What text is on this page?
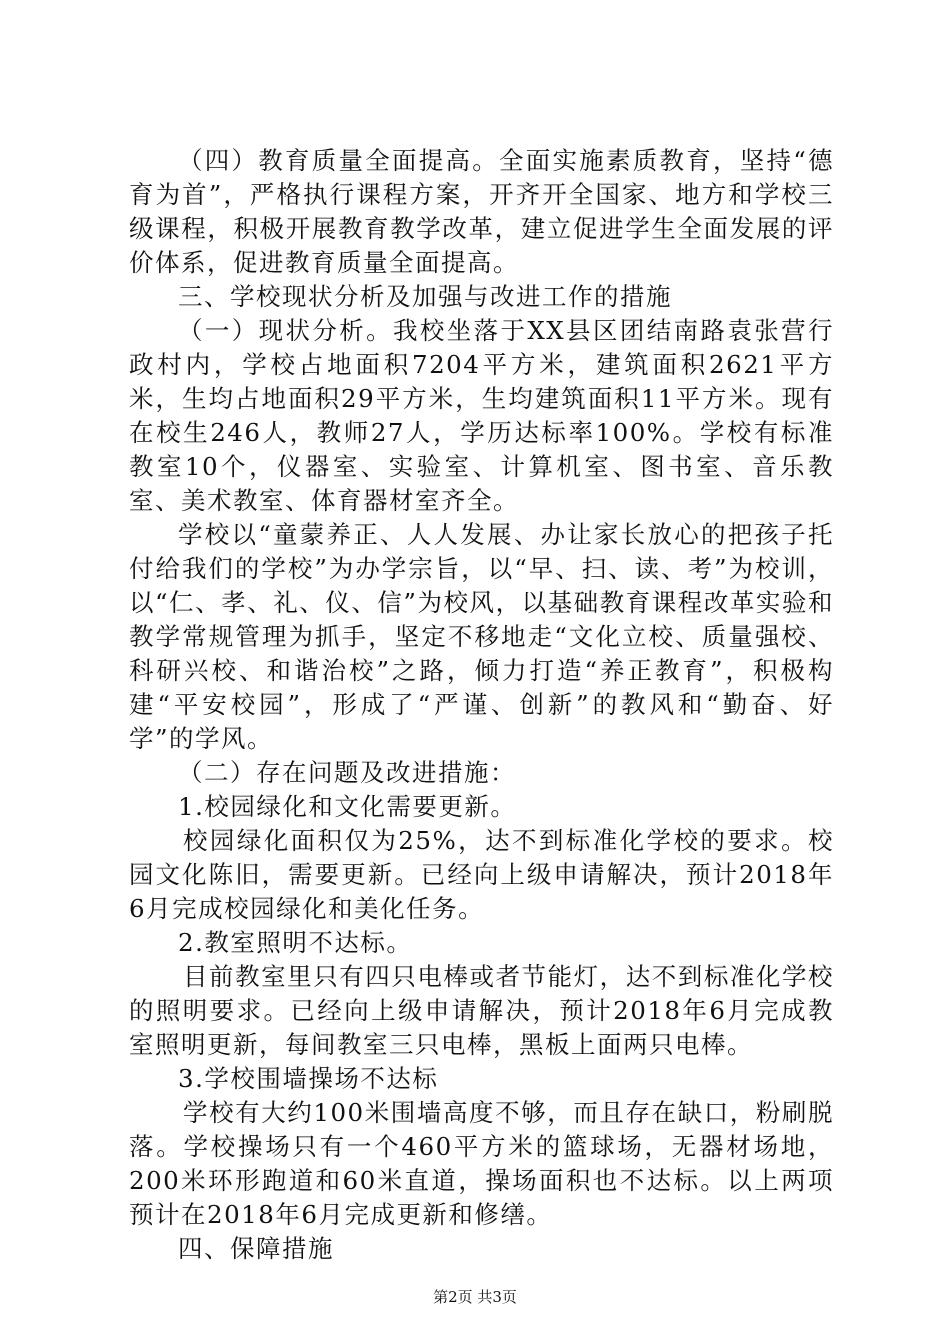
（四）教育质量全面提高。全面实施素质教育，坚持“德育为首”，严格执行课程方案，开齐开全国家、地方和学校三级课程，积极开展教育教学改革，建立促进学生全面发展的评价体系，促进教育质量全面提高。

三、学校现状分析及加强与改进工作的措施

（一）现状分析。我校坐落于XX县区团结南路袁张营行政村内，学校占地面积7204平方米，建筑面积2621平方米，生均占地面积29平方米，生均建筑面积11平方米。现有在校生246人，教师27人，学历达标率100%。学校有标准教室10个，仪器室、实验室、计算机室、图书室、音乐教室、美术教室、体育器材室齐全。

学校以“童蒙养正、人人发展、办让家长放心的把孩子托付给我们的学校”为办学宗旨，以“早、扫、读、考”为校训，以“仁、孝、礼、仪、信”为校风，以基础教育课程改革实验和教学常规管理为抓手，坚定不移地走“文化立校、质量强校、科研兴校、和谐治校”之路，倾力打造“养正教育”，积极构建“平安校园”，形成了“严谨、创新”的教风和“勤奋、好学”的学风。

（二）存在问题及改进措施：

1.校园绿化和文化需要更新。

校园绿化面积仅为25%，达不到标准化学校的要求。校园文化陈旧，需要更新。已经向上级申请解决，预计2018年6月完成校园绿化和美化任务。

2.教室照明不达标。

目前教室里只有四只电棒或者节能灯，达不到标准化学校的照明要求。已经向上级申请解决，预计2018年6月完成教室照明更新，每间教室三只电棒，黑板上面两只电棒。

3.学校围墙操场不达标

学校有大约100米围墙高度不够，而且存在缺口，粉刷脱落。学校操场只有一个460平方米的篮球场，无器材场地，200米环形跑道和60米直道，操场面积也不达标。以上两项预计在2018年6月完成更新和修缮。

四、保障措施

第2页 共3页
